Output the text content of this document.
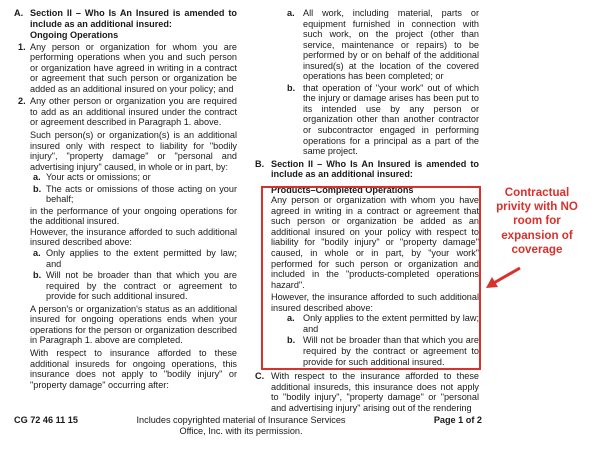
A. Section II – Who Is An Insured is amended to include as an additional insured:
Ongoing Operations
1. Any person or organization for whom you are performing operations when you and such person or organization have agreed in writing in a contract or agreement that such person or organization be added as an additional insured on your policy; and
2. Any other person or organization you are required to add as an additional insured under the contract or agreement described in Paragraph 1. above.

Such person(s) or organization(s) is an additional insured only with respect to liability for "bodily injury", "property damage" or "personal and advertising injury" caused, in whole or in part, by:

a. Your acts or omissions; or
b. The acts or omissions of those acting on your behalf;

in the performance of your ongoing operations for the additional insured.

However, the insurance afforded to such additional insured described above:

a. Only applies to the extent permitted by law; and
b. Will not be broader than that which you are required by the contract or agreement to provide for such additional insured.

A person's or organization's status as an additional insured for ongoing operations ends when your operations for the person or organization described in Paragraph 1. above are completed.

With respect to insurance afforded to these additional insureds for ongoing operations, this insurance does not apply to "bodily injury" or "property damage" occurring after:

a. All work, including material, parts or equipment furnished in connection with such work, on the project (other than service, maintenance or repairs) to be performed by or on behalf of the additional insured(s) at the location of the covered operations has been completed; or
b. that operation of "your work" out of which the injury or damage arises has been put to its intended use by any person or organization other than another contractor or subcontractor engaged in performing operations for a principal as a part of the same project.
B. Section II – Who Is An Insured is amended to include as an additional insured:
Products–Completed Operations

Any person or organization with whom you have agreed in writing in a contract or agreement that such person or organization be added as an additional insured on your policy with respect to liability for "bodily injury" or "property damage" caused, in whole or in part, by "your work" performed for such person or organization and included in the "products-completed operations hazard".

However, the insurance afforded to such additional insured described above:

a. Only applies to the extent permitted by law; and
b. Will not be broader than that which you are required by the contract or agreement to provide for such additional insured.
C. With respect to the insurance afforded to these additional insureds, this insurance does not apply to "bodily injury", "property damage" or "personal and advertising injury" arising out of the rendering
Contractual privity with NO room for expansion of coverage
CG 72 46 11 15	Includes copyrighted material of Insurance Services Office, Inc. with its permission.
Page 1 of 2
